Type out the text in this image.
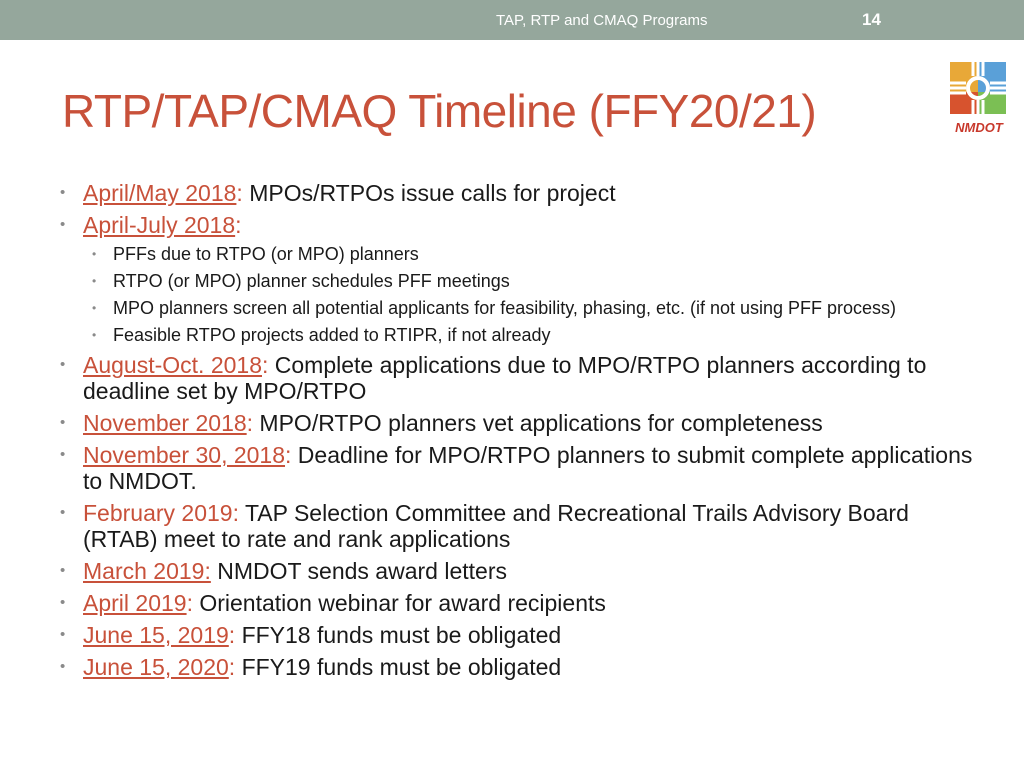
TAP, RTP and CMAQ Programs	14
NMDOT
RTP/TAP/CMAQ Timeline (FFY20/21)
• April/May 2018: MPOs/RTPOs issue calls for project
• April-July 2018:
• PFFs due to RTPO (or MPO) planners
• RTPO (or MPO) planner schedules PFF meetings
• MPO planners screen all potential applicants for feasibility, phasing, etc. (if not using PFF process)
• Feasible RTPO projects added to RTIPR, if not already
• August-Oct. 2018: Complete applications due to MPO/RTPO planners according to deadline set by MPO/RTPO
• November 2018: MPO/RTPO planners vet applications for completeness
• November 30, 2018: Deadline for MPO/RTPO planners to submit complete applications to NMDOT.
• February 2019: TAP Selection Committee and Recreational Trails Advisory Board (RTAB) meet to rate and rank applications
• March 2019: NMDOT sends award letters
• April 2019: Orientation webinar for award recipients
• June 15, 2019: FFY18 funds must be obligated
• June 15, 2020: FFY19 funds must be obligated
